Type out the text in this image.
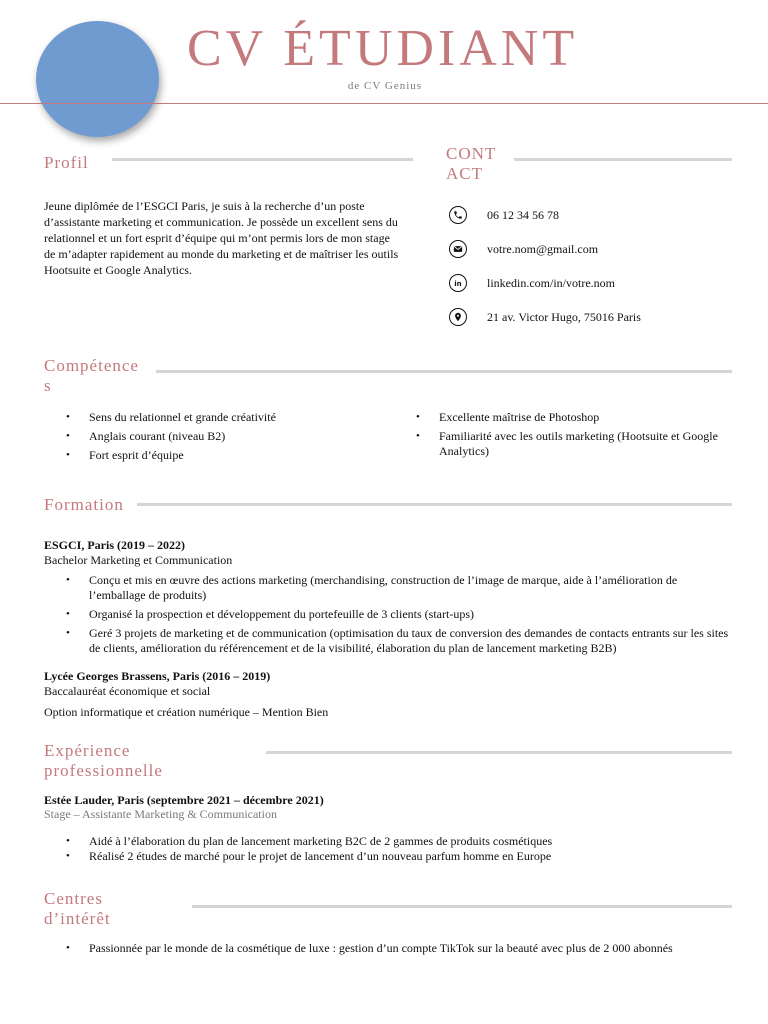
CV ÉTUDIANT
de CV Genius
Profil
Jeune diplômée de l’ESGCI Paris, je suis à la recherche d’un poste d’assistante marketing et communication. Je possède un excellent sens du relationnel et un fort esprit d’équipe qui m’ont permis lors de mon stage de m’adapter rapidement au monde du marketing et de maîtriser les outils Hootsuite et Google Analytics.
CONT
ACT
06 12 34 56 78
votre.nom@gmail.com
in linkedin.com/in/votre.nom
21 av. Victor Hugo, 75016 Paris
Compétence
s
• Sens du relationnel et grande créativité
• Anglais courant (niveau B2)
• Fort esprit d’équipe
• Excellente maîtrise de Photoshop
• Familiarité avec les outils marketing (Hootsuite et Google Analytics)
Formation
ESGCI, Paris (2019 – 2022)
Bachelor Marketing et Communication
• Conçu et mis en œuvre des actions marketing (merchandising, construction de l’image de marque, aide à l’amélioration de l’emballage de produits)
• Organisé la prospection et développement du portefeuille de 3 clients (start-ups)
• Geré 3 projets de marketing et de communication (optimisation du taux de conversion des demandes de contacts entrants sur les sites de clients, amélioration du référencement et de la visibilité, élaboration du plan de lancement marketing B2B)
Lycée Georges Brassens, Paris (2016 – 2019)
Baccalauréat économique et social
Option informatique et création numérique – Mention Bien
Expérience
professionnelle
Estée Lauder, Paris (septembre 2021 – décembre 2021)
Stage – Assistante Marketing & Communication
• Aidé à l’élaboration du plan de lancement marketing B2C de 2 gammes de produits cosmétiques
• Réalisé 2 études de marché pour le projet de lancement d’un nouveau parfum homme en Europe
Centres
d’intérêt
• Passionnée par le monde de la cosmétique de luxe : gestion d’un compte TikTok sur la beauté avec plus de 2 000 abonnés
